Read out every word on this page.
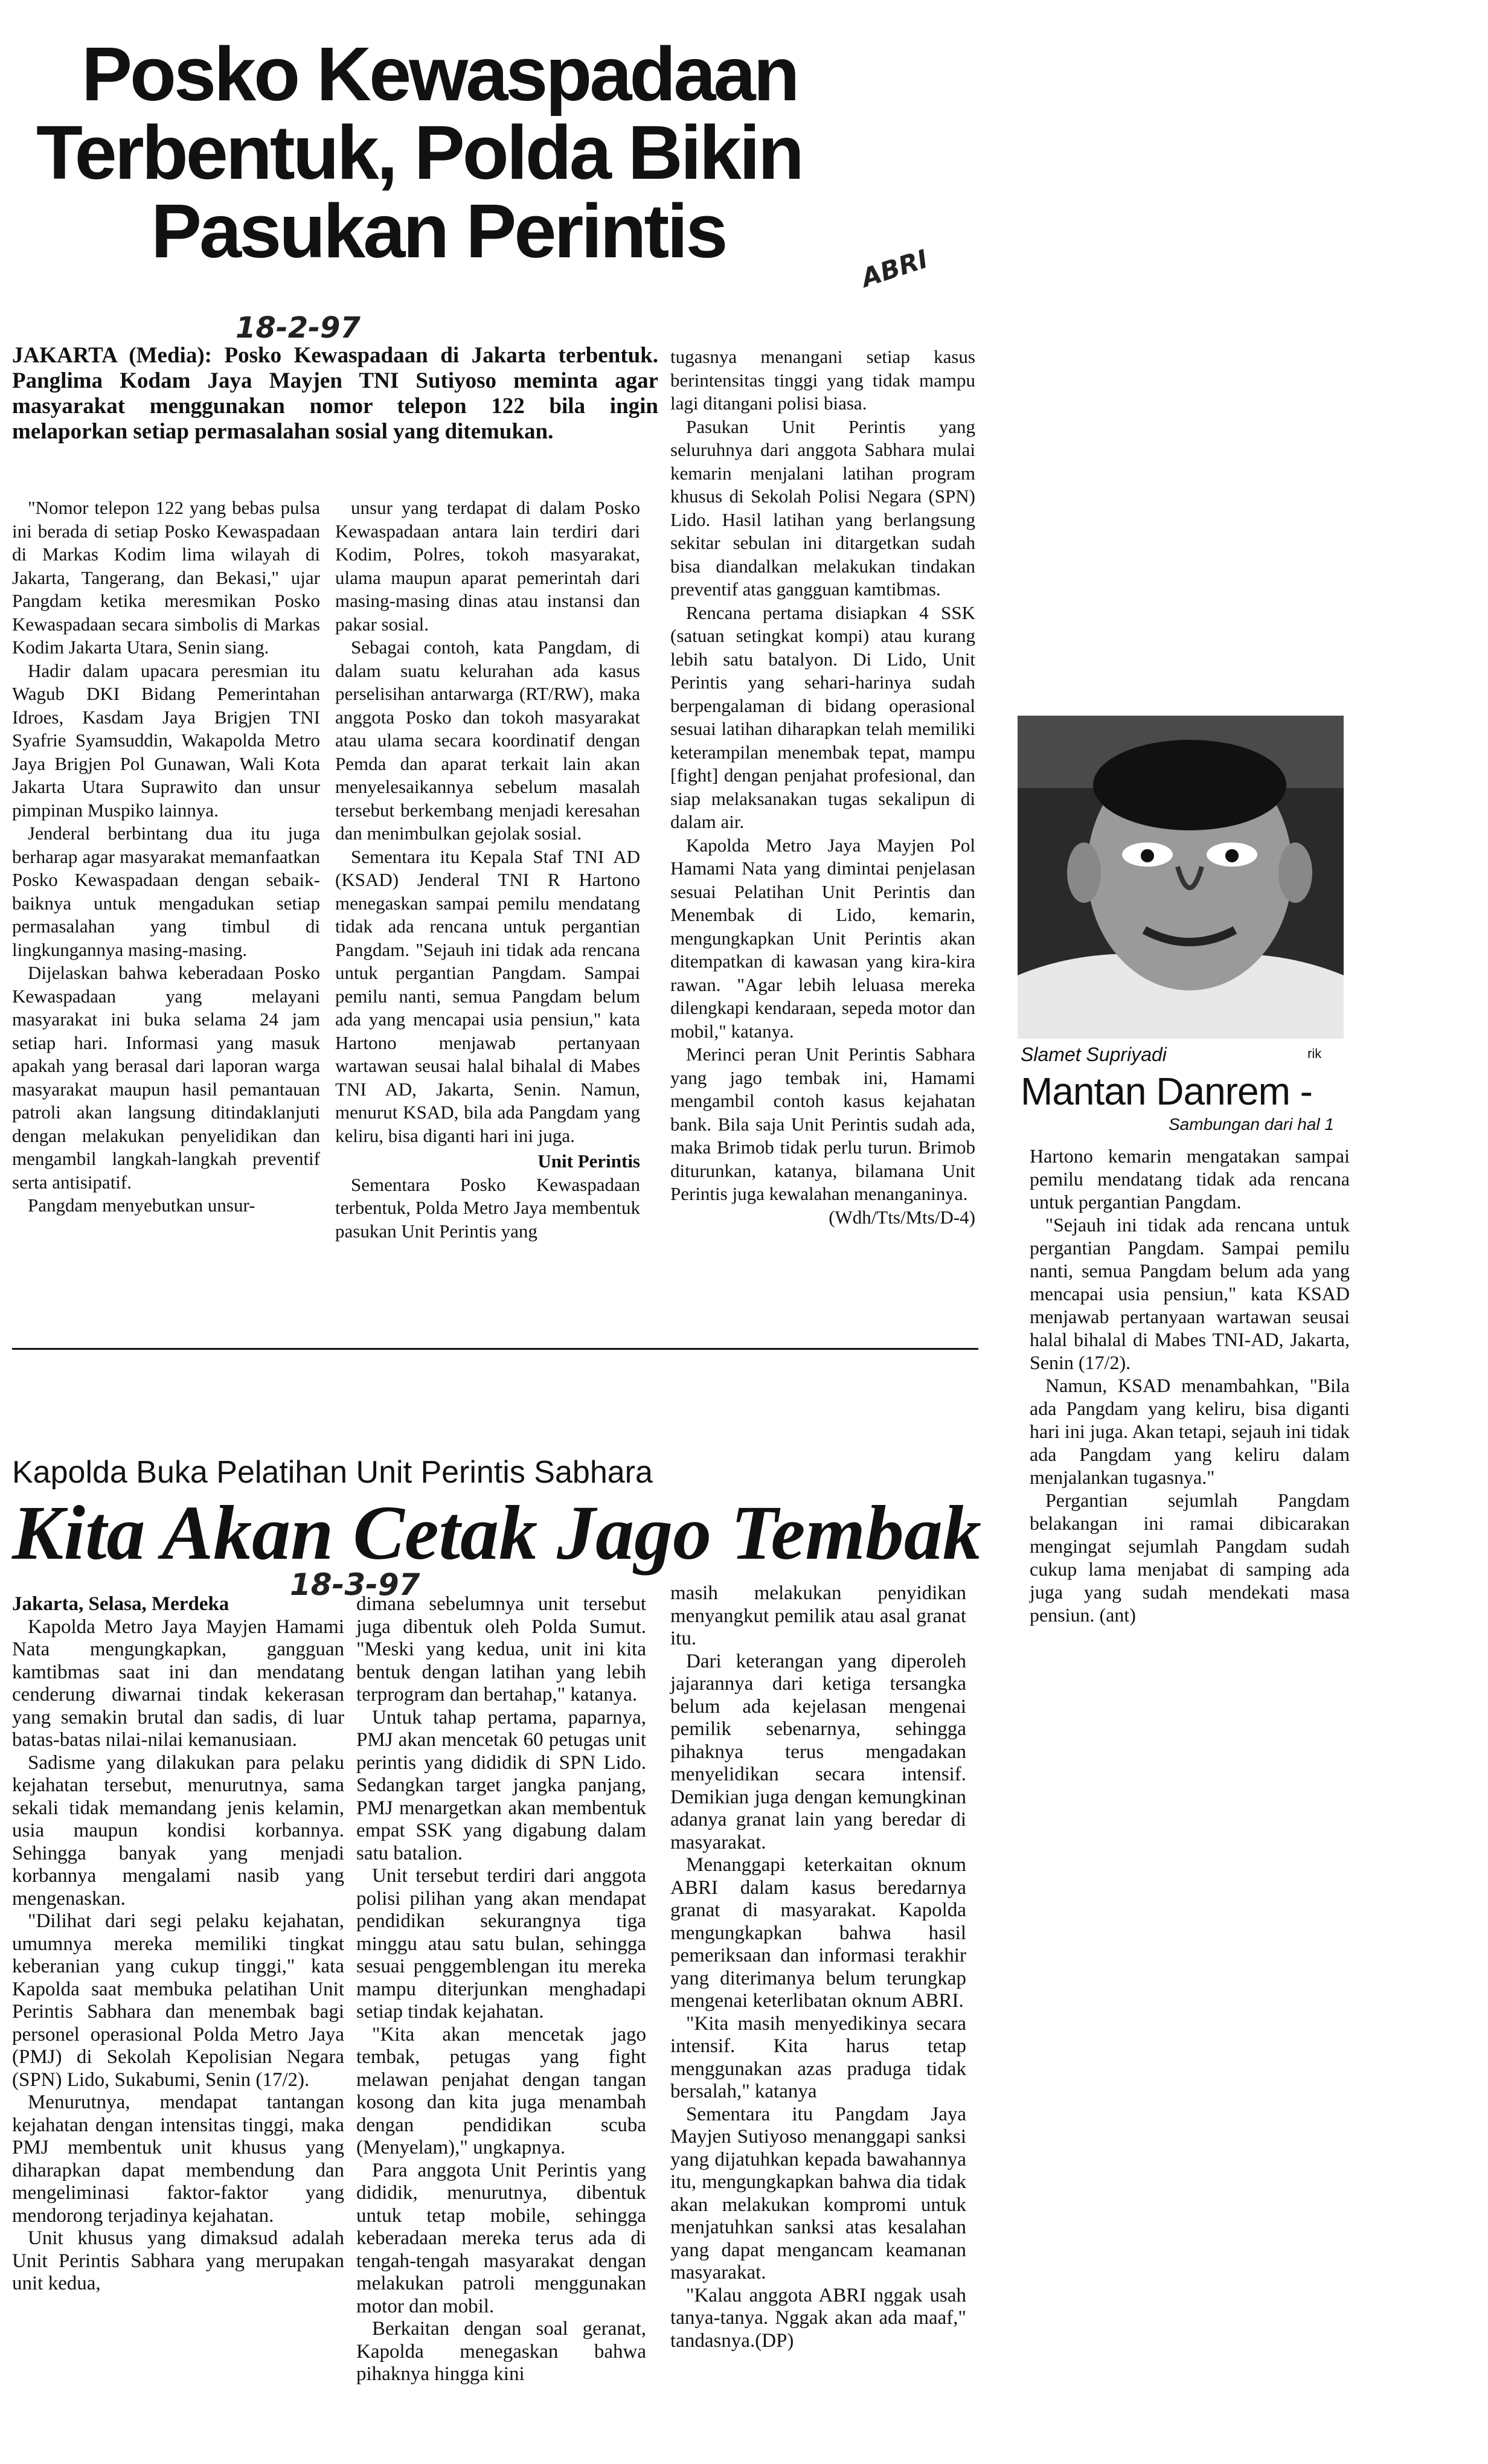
Posko Kewaspadaan
Terbentuk, Polda Bikin
Pasukan Perintis	ABRI
18-2-97
JAKARTA (Media): Posko Kewaspadaan di Jakarta terbentuk. Panglima Kodam Jaya Mayjen TNI Sutiyoso meminta agar masyarakat menggunakan nomor telepon 122 bila ingin melaporkan setiap permasalahan sosial yang ditemukan.

"Nomor telepon 122 yang bebas pulsa ini berada di setiap Posko Kewaspadaan di Markas Kodim lima wilayah di Jakarta, Tangerang, dan Bekasi," ujar Pangdam ketika meresmikan Posko Kewaspadaan secara simbolis di Markas Kodim Jakarta Utara, Senin siang.

Hadir dalam upacara peresmian itu Wagub DKI Bidang Pemerintahan Idroes, Kasdam Jaya Brigjen TNI Syafrie Syamsuddin, Wakapolda Metro Jaya Brigjen Pol Gunawan, Wali Kota Jakarta Utara Suprawito dan unsur pimpinan Muspiko lainnya.

Jenderal berbintang dua itu juga berharap agar masyarakat memanfaatkan Posko Kewaspadaan dengan sebaik-baiknya untuk mengadukan setiap permasalahan yang timbul di lingkungannya masing-masing.

Dijelaskan bahwa keberadaan Posko Kewaspadaan yang melayani masyarakat ini buka selama 24 jam setiap hari. Informasi yang masuk apakah yang berasal dari laporan warga masyarakat maupun hasil pemantauan patroli akan langsung ditindaklanjuti dengan melakukan penyelidikan dan mengambil langkah-langkah preventif serta antisipatif.

Pangdam menyebutkan unsur-

unsur yang terdapat di dalam Posko Kewaspadaan antara lain terdiri dari Kodim, Polres, tokoh masyarakat, ulama maupun aparat pemerintah dari masing-masing dinas atau instansi dan pakar sosial.

Sebagai contoh, kata Pangdam, di dalam suatu kelurahan ada kasus perselisihan antarwarga (RT/RW), maka anggota Posko dan tokoh masyarakat atau ulama secara koordinatif dengan Pemda dan aparat terkait lain akan menyelesaikannya sebelum masalah tersebut berkembang menjadi keresahan dan menimbulkan gejolak sosial.

Sementara itu Kepala Staf TNI AD (KSAD) Jenderal TNI R Hartono menegaskan sampai pemilu mendatang tidak ada rencana untuk pergantian Pangdam. "Sejauh ini tidak ada rencana untuk pergantian Pangdam. Sampai pemilu nanti, semua Pangdam belum ada yang mencapai usia pensiun," kata Hartono menjawab pertanyaan wartawan seusai halal bihalal di Mabes TNI AD, Jakarta, Senin. Namun, menurut KSAD, bila ada Pangdam yang keliru, bisa diganti hari ini juga.

Unit Perintis

Sementara Posko Kewaspadaan terbentuk, Polda Metro Jaya membentuk pasukan Unit Perintis yang

tugasnya menangani setiap kasus berintensitas tinggi yang tidak mampu lagi ditangani polisi biasa.

Pasukan Unit Perintis yang seluruhnya dari anggota Sabhara mulai kemarin menjalani latihan program khusus di Sekolah Polisi Negara (SPN) Lido. Hasil latihan yang berlangsung sekitar sebulan ini ditargetkan sudah bisa diandalkan melakukan tindakan preventif atas gangguan kamtibmas.

Rencana pertama disiapkan 4 SSK (satuan setingkat kompi) atau kurang lebih satu batalyon. Di Lido, Unit Perintis yang sehari-harinya sudah berpengalaman di bidang operasional sesuai latihan diharapkan telah memiliki keterampilan menembak tepat, mampu [fight] dengan penjahat profesional, dan siap melaksanakan tugas sekalipun di dalam air.

Kapolda Metro Jaya Mayjen Pol Hamami Nata yang dimintai penjelasan sesuai Pelatihan Unit Perintis dan Menembak di Lido, kemarin, mengungkapkan Unit Perintis akan ditempatkan di kawasan yang kira-kira rawan. "Agar lebih leluasa mereka dilengkapi kendaraan, sepeda motor dan mobil," katanya.

Merinci peran Unit Perintis Sabhara yang jago tembak ini, Hamami mengambil contoh kasus kejahatan bank. Bila saja Unit Perintis sudah ada, maka Brimob tidak perlu turun. Brimob diturunkan, katanya, bilamana Unit Perintis juga kewalahan menanganinya.

(Wdh/Tts/Mts/D-4)

Slamet Supriyadi	rik
Mantan Danrem -
Sambungan dari hal 1

Hartono kemarin mengatakan sampai pemilu mendatang tidak ada rencana untuk pergantian Pangdam.

"Sejauh ini tidak ada rencana untuk pergantian Pangdam. Sampai pemilu nanti, semua Pangdam belum ada yang mencapai usia pensiun," kata KSAD menjawab pertanyaan wartawan seusai halal bihalal di Mabes TNI-AD, Jakarta, Senin (17/2).

Namun, KSAD menambahkan, "Bila ada Pangdam yang keliru, bisa diganti hari ini juga. Akan tetapi, sejauh ini tidak ada Pangdam yang keliru dalam menjalankan tugasnya."

Pergantian sejumlah Pangdam belakangan ini ramai dibicarakan mengingat sejumlah Pangdam sudah cukup lama menjabat di samping ada juga yang sudah mendekati masa pensiun. (ant)

Kapolda Buka Pelatihan Unit Perintis Sabhara
Kita Akan Cetak Jago Tembak
18-3-97
Jakarta, Selasa, Merdeka

Kapolda Metro Jaya Mayjen Hamami Nata mengungkapkan, gangguan kamtibmas saat ini dan mendatang cenderung diwarnai tindak kekerasan yang semakin brutal dan sadis, di luar batas-batas nilai-nilai kemanusiaan.

Sadisme yang dilakukan para pelaku kejahatan tersebut, menurutnya, sama sekali tidak memandang jenis kelamin, usia maupun kondisi korbannya. Sehingga banyak yang menjadi korbannya mengalami nasib yang mengenaskan.

"Dilihat dari segi pelaku kejahatan, umumnya mereka memiliki tingkat keberanian yang cukup tinggi," kata Kapolda saat membuka pelatihan Unit Perintis Sabhara dan menembak bagi personel operasional Polda Metro Jaya (PMJ) di Sekolah Kepolisian Negara (SPN) Lido, Sukabumi, Senin (17/2).

Menurutnya, mendapat tantangan kejahatan dengan intensitas tinggi, maka PMJ membentuk unit khusus yang diharapkan dapat membendung dan mengeliminasi faktor-faktor yang mendorong terjadinya kejahatan.

Unit khusus yang dimaksud adalah Unit Perintis Sabhara yang merupakan unit kedua,

dimana sebelumnya unit tersebut juga dibentuk oleh Polda Sumut. "Meski yang kedua, unit ini kita bentuk dengan latihan yang lebih terprogram dan bertahap," katanya.

Untuk tahap pertama, paparnya, PMJ akan mencetak 60 petugas unit perintis yang dididik di SPN Lido. Sedangkan target jangka panjang, PMJ menargetkan akan membentuk empat SSK yang digabung dalam satu batalion.

Unit tersebut terdiri dari anggota polisi pilihan yang akan mendapat pendidikan sekurangnya tiga minggu atau satu bulan, sehingga sesuai penggemblengan itu mereka mampu diterjunkan menghadapi setiap tindak kejahatan.

"Kita akan mencetak jago tembak, petugas yang fight melawan penjahat dengan tangan kosong dan kita juga menambah dengan pendidikan scuba (Menyelam)," ungkapnya.

Para anggota Unit Perintis yang dididik, menurutnya, dibentuk untuk tetap mobile, sehingga keberadaan mereka terus ada di tengah-tengah masyarakat dengan melakukan patroli menggunakan motor dan mobil.

Berkaitan dengan soal geranat, Kapolda menegaskan bahwa pihaknya hingga kini

masih melakukan penyidikan menyangkut pemilik atau asal granat itu.

Dari keterangan yang diperoleh jajarannya dari ketiga tersangka belum ada kejelasan mengenai pemilik sebenarnya, sehingga pihaknya terus mengadakan menyelidikan secara intensif. Demikian juga dengan kemungkinan adanya granat lain yang beredar di masyarakat.

Menanggapi keterkaitan oknum ABRI dalam kasus beredarnya granat di masyarakat. Kapolda mengungkapkan bahwa hasil pemeriksaan dan informasi terakhir yang diterimanya belum terungkap mengenai keterlibatan oknum ABRI.

"Kita masih menyedikinya secara intensif. Kita harus tetap menggunakan azas praduga tidak bersalah," katanya

Sementara itu Pangdam Jaya Mayjen Sutiyoso menanggapi sanksi yang dijatuhkan kepada bawahannya itu, mengungkapkan bahwa dia tidak akan melakukan kompromi untuk menjatuhkan sanksi atas kesalahan yang dapat mengancam keamanan masyarakat.

"Kalau anggota ABRI nggak usah tanya-tanya. Nggak akan ada maaf," tandasnya.(DP)
